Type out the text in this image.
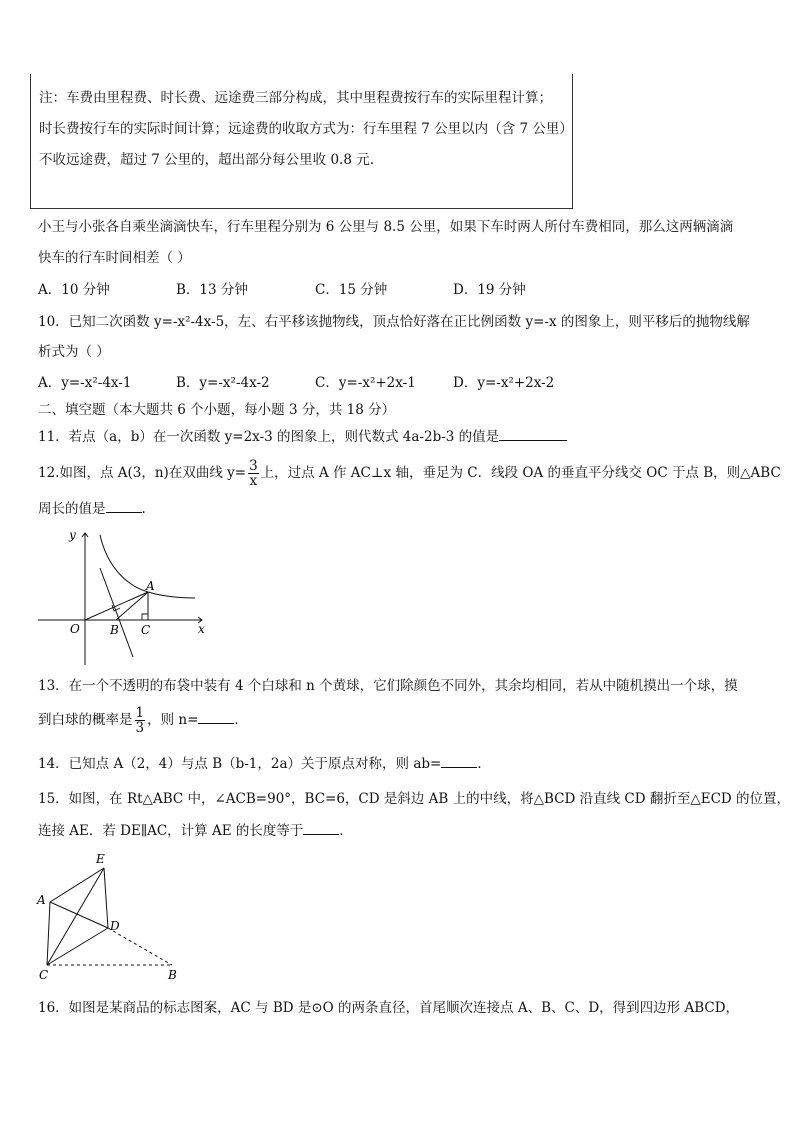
注：车费由里程费、时长费、远途费三部分构成，其中里程费按行车的实际里程计算；
时长费按行车的实际时间计算；远途费的收取方式为：行车里程 7 公里以内（含 7 公里）
不收远途费，超过 7 公里的，超出部分每公里收 0.8 元.
小王与小张各自乘坐滴滴快车，行车里程分别为 6 公里与 8.5 公里，如果下车时两人所付车费相同，那么这两辆滴滴
快车的行车时间相差（ ）
A．10 分钟	B．13 分钟	C．15 分钟	D．19 分钟
10．已知二次函数 y=-x²-4x-5，左、右平移该抛物线，顶点恰好落在正比例函数 y=-x 的图象上，则平移后的抛物线解
析式为（ ）
A．y=-x²-4x-1	B．y=-x²-4x-2	C．y=-x²+2x-1	D．y=-x²+2x-2
二、填空题（本大题共 6 个小题，每小题 3 分，共 18 分）
11．若点（a，b）在一次函数 y=2x-3 的图象上，则代数式 4a-2b-3 的值是
12.如图，点 A(3，n)在双曲线 $y= \frac{3}{x}$ 上，过点 A 作 AC⊥x 轴，垂足为 C．线段 OA 的垂直平分线交 OC 于点 B，则△ABC
周长的值是	.
y
x
O	B C
A
13．在一个不透明的布袋中装有 4 个白球和 n 个黄球，它们除颜色不同外，其余均相同，若从中随机摸出一个球，摸
到白球的概率是 $\frac{1}{3}$ ，则 n=	．
14．已知点 A（2，4）与点 B（b-1，2a）关于原点对称，则 ab=	．
15．如图，在 Rt△ABC 中，∠ACB=90°，BC=6，CD 是斜边 AB 上的中线，将△BCD 沿直线 CD 翻折至△ECD 的位置，
连接 AE．若 DE∥AC，计算 AE 的长度等于	．
E
A
D
C	B
16．如图是某商品的标志图案，AC 与 BD 是⊙O 的两条直径，首尾顺次连接点 A、B、C、D，得到四边形 ABCD，
